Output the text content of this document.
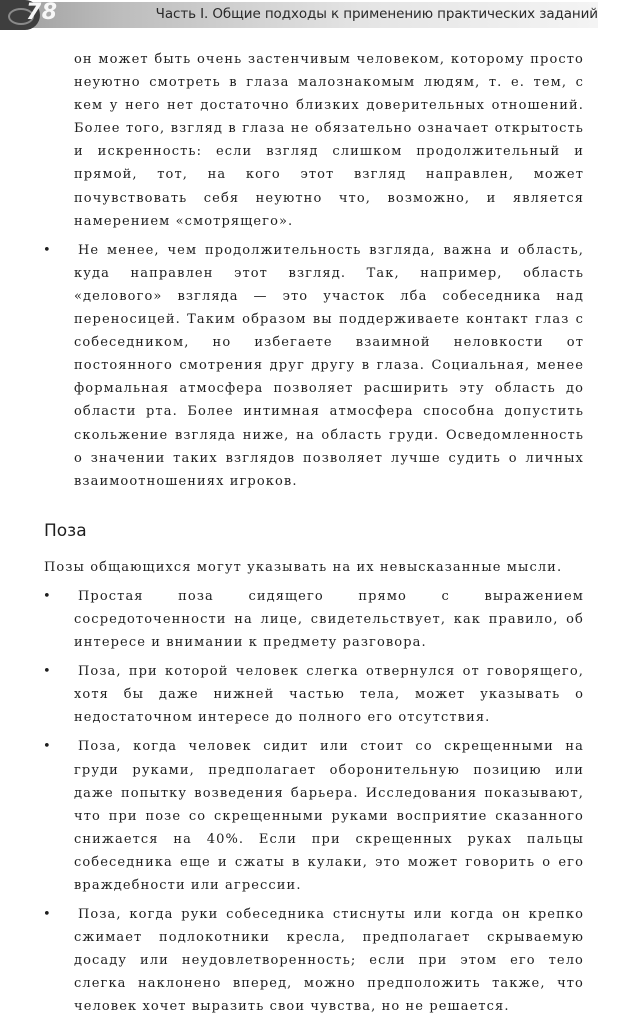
78	Часть I. Общие подходы к применению практических заданий

он может быть очень застенчивым человеком, которому просто неуютно смотреть в глаза малознакомым людям, т. е. тем, с кем у него нет достаточно близких доверительных отношений. Более того, взгляд в глаза не обязательно означает открытость и искренность: если взгляд слишком продолжительный и прямой, тот, на кого этот взгляд направлен, может почувствовать себя неуютно что, возможно, и является намерением «смотрящего».

•	Не менее, чем продолжительность взгляда, важна и область, куда направлен этот взгляд. Так, например, область «делового» взгляда — это участок лба собеседника над переносицей. Таким образом вы поддерживаете контакт глаз с собеседником, но избегаете взаимной неловкости от постоянного смотрения друг другу в глаза. Социальная, менее формальная атмосфера позволяет расширить эту область до области рта. Более интимная атмосфера способна допустить скольжение взгляда ниже, на область груди. Осведомленность о значении таких взглядов позволяет лучше судить о личных взаимоотношениях игроков.
Поза

Позы общающихся могут указывать на их невысказанные мысли.

•	Простая поза сидящего прямо с выражением сосредоточенности на лице, свидетельствует, как правило, об интересе и внимании к предмету разговора.
•	Поза, при которой человек слегка отвернулся от говорящего, хотя бы даже нижней частью тела, может указывать о недостаточном интересе до полного его отсутствия.
•	Поза, когда человек сидит или стоит со скрещенными на груди руками, предполагает оборонительную позицию или даже попытку возведения барьера. Исследования показывают, что при позе со скрещенными руками восприятие сказанного снижается на 40%. Если при скрещенных руках пальцы собеседника еще и сжаты в кулаки, это может говорить о его враждебности или агрессии.
•	Поза, когда руки собеседника стиснуты или когда он крепко сжимает подлокотники кресла, предполагает скрываемую досаду или неудовлетворенность; если при этом его тело слегка наклонено вперед, можно предположить также, что человек хочет выразить свои чувства, но не решается.
